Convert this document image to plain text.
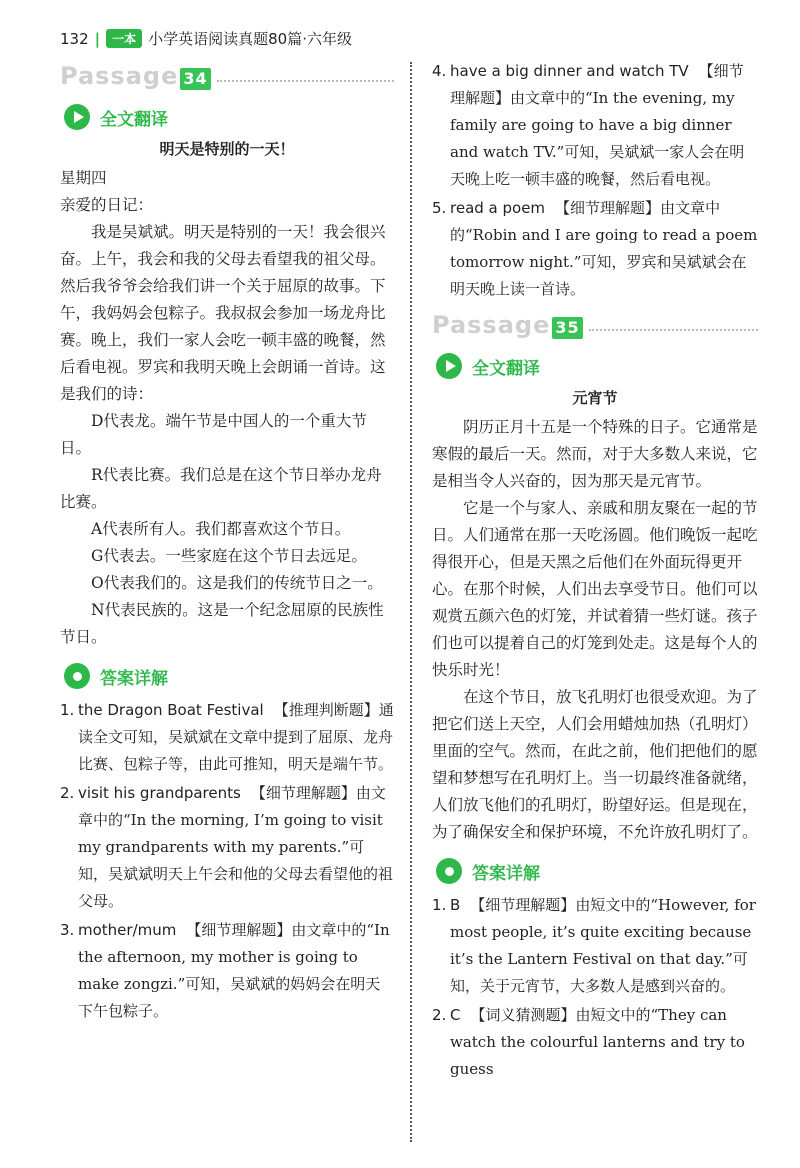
132 |	一本 小学英语阅读真题80篇·六年级
Passage 34
全文翻译
明天是特别的一天！

星期四

亲爱的日记：

我是吴斌斌。明天是特别的一天！我会很兴奋。上午，我会和我的父母去看望我的祖父母。然后我爷爷会给我们讲一个关于屈原的故事。下午，我妈妈会包粽子。我叔叔会参加一场龙舟比赛。晚上，我们一家人会吃一顿丰盛的晚餐，然后看电视。罗宾和我明天晚上会朗诵一首诗。这是我们的诗：

D代表龙。端午节是中国人的一个重大节日。

R代表比赛。我们总是在这个节日举办龙舟比赛。

A代表所有人。我们都喜欢这个节日。

G代表去。一些家庭在这个节日去远足。

O代表我们的。这是我们的传统节日之一。

N代表民族的。这是一个纪念屈原的民族性节日。

答案详解
1. the Dragon Boat Festival 【推理判断题】通读全文可知，吴斌斌在文章中提到了屈原、龙舟比赛、包粽子等，由此可推知，明天是端午节。
2. visit his grandparents 【细节理解题】由文章中的“In the morning, I’m going to visit my grandparents with my parents.”可知，吴斌斌明天上午会和他的父母去看望他的祖父母。
3. mother/mum 【细节理解题】由文章中的“In the afternoon, my mother is going to make zongzi.”可知，吴斌斌的妈妈会在明天下午包粽子。
4. have a big dinner and watch TV 【细节理解题】由文章中的“In the evening, my family are going to have a big dinner and watch TV.”可知，吴斌斌一家人会在明天晚上吃一顿丰盛的晚餐，然后看电视。
5. read a poem 【细节理解题】由文章中的“Robin and I are going to read a poem tomorrow night.”可知，罗宾和吴斌斌会在明天晚上读一首诗。
Passage 35
全文翻译
元宵节

阴历正月十五是一个特殊的日子。它通常是寒假的最后一天。然而，对于大多数人来说，它是相当令人兴奋的，因为那天是元宵节。

它是一个与家人、亲戚和朋友聚在一起的节日。人们通常在那一天吃汤圆。他们晚饭一起吃得很开心，但是天黑之后他们在外面玩得更开心。在那个时候，人们出去享受节日。他们可以观赏五颜六色的灯笼，并试着猜一些灯谜。孩子们也可以提着自己的灯笼到处走。这是每个人的快乐时光！

在这个节日，放飞孔明灯也很受欢迎。为了把它们送上天空，人们会用蜡烛加热（孔明灯）里面的空气。然而，在此之前，他们把他们的愿望和梦想写在孔明灯上。当一切最终准备就绪，人们放飞他们的孔明灯，盼望好运。但是现在，为了确保安全和保护环境，不允许放孔明灯了。

答案详解
1. B 【细节理解题】由短文中的“However, for most people, it’s quite exciting because it’s the Lantern Festival on that day.”可知，关于元宵节，大多数人是感到兴奋的。
2. C 【词义猜测题】由短文中的“They can watch the colourful lanterns and try to guess
